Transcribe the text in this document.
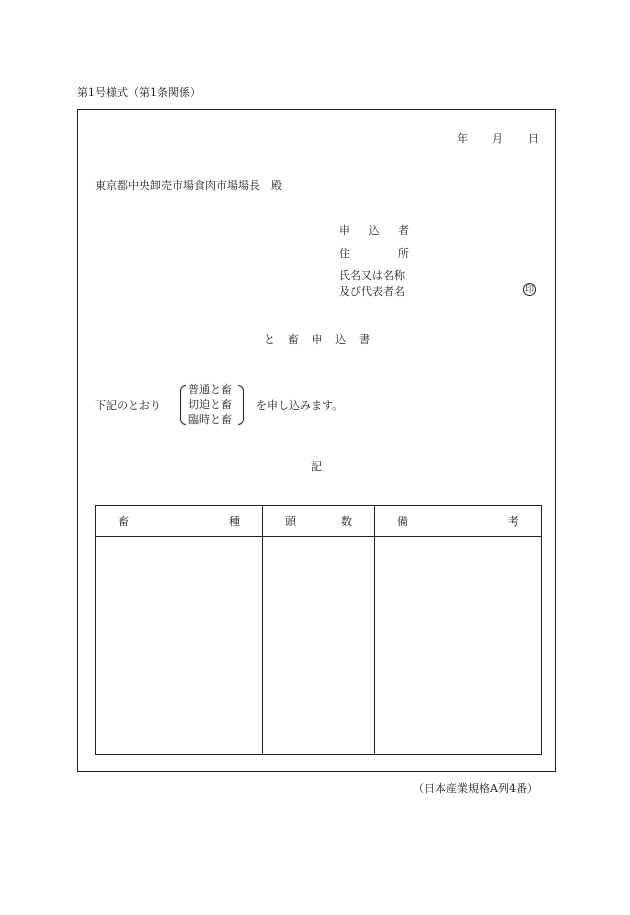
第1号様式（第1条関係）
年 月 日
東京都中央卸売市場食肉市場場長　殿
申 込 者
住	所
氏名又は名称
及び代表者名	印
と 畜 申 込 書
下記のとおり
普通と畜
切迫と畜
臨時と畜
を申し込みます。
記
畜 種	頭 数	備 考

（日本産業規格A列4番）
